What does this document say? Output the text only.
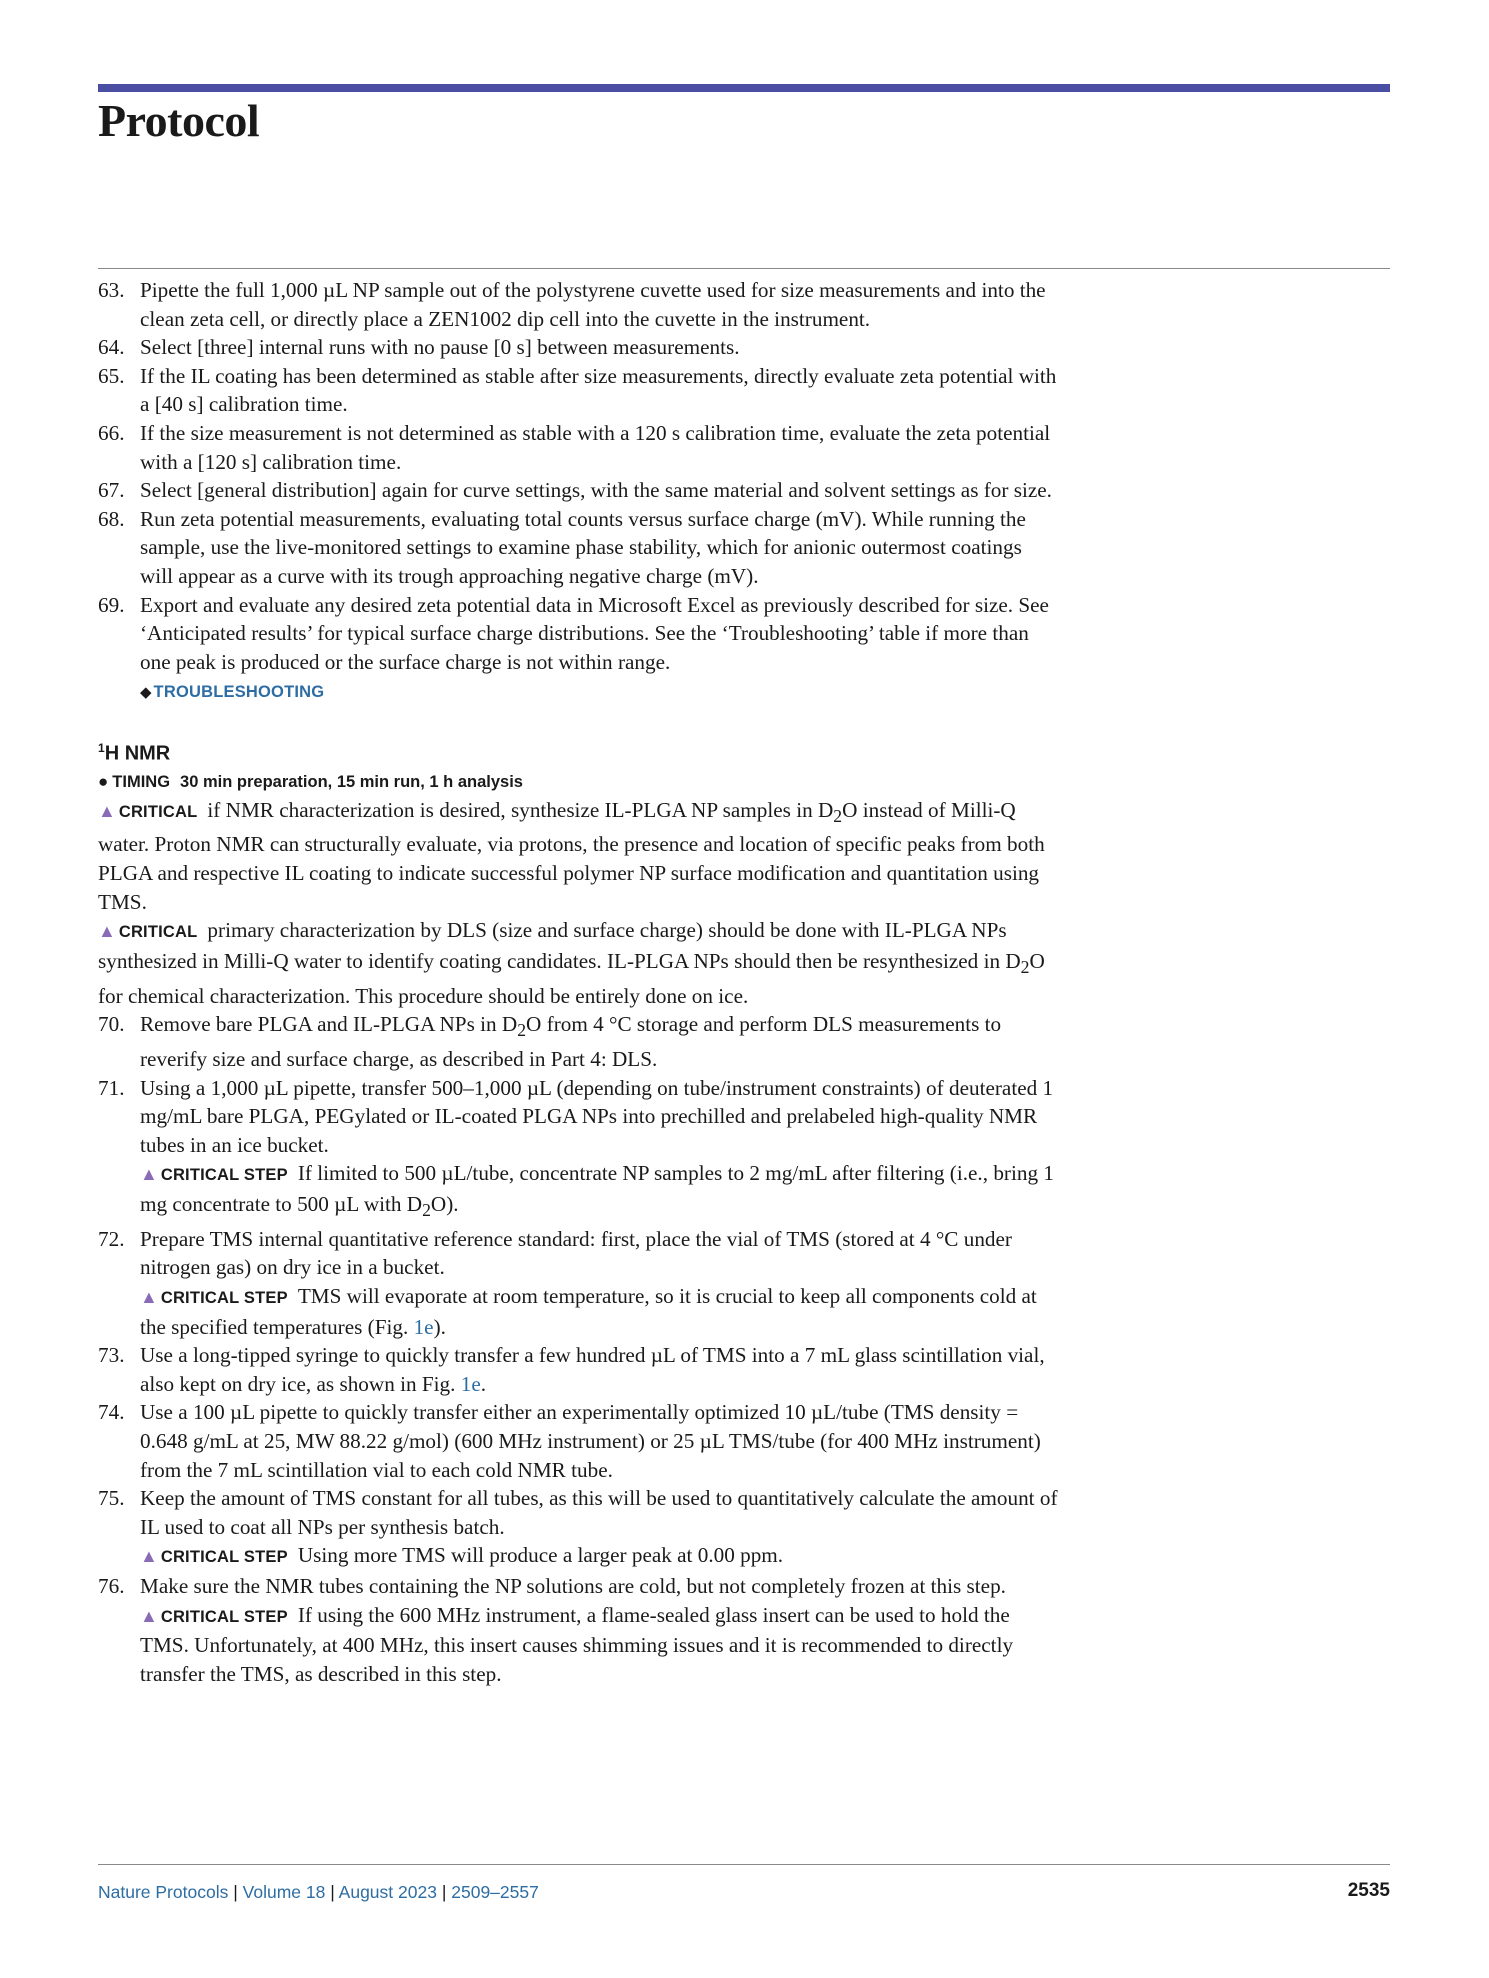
Protocol
63. Pipette the full 1,000 µL NP sample out of the polystyrene cuvette used for size measurements and into the clean zeta cell, or directly place a ZEN1002 dip cell into the cuvette in the instrument.
64. Select [three] internal runs with no pause [0 s] between measurements.
65. If the IL coating has been determined as stable after size measurements, directly evaluate zeta potential with a [40 s] calibration time.
66. If the size measurement is not determined as stable with a 120 s calibration time, evaluate the zeta potential with a [120 s] calibration time.
67. Select [general distribution] again for curve settings, with the same material and solvent settings as for size.
68. Run zeta potential measurements, evaluating total counts versus surface charge (mV). While running the sample, use the live-monitored settings to examine phase stability, which for anionic outermost coatings will appear as a curve with its trough approaching negative charge (mV).
69. Export and evaluate any desired zeta potential data in Microsoft Excel as previously described for size. See ‘Anticipated results’ for typical surface charge distributions. See the ‘Troubleshooting’ table if more than one peak is produced or the surface charge is not within range.
◆ TROUBLESHOOTING
$^1$H NMR
● TIMING 30 min preparation, 15 min run, 1 h analysis
▲ CRITICAL if NMR characterization is desired, synthesize IL-PLGA NP samples in $D_2O$ instead of Milli-Q water. Proton NMR can structurally evaluate, via protons, the presence and location of specific peaks from both PLGA and respective IL coating to indicate successful polymer NP surface modification and quantitation using TMS.
▲ CRITICAL primary characterization by DLS (size and surface charge) should be done with IL-PLGA NPs synthesized in Milli-Q water to identify coating candidates. IL-PLGA NPs should then be resynthesized in $D_2O$ for chemical characterization. This procedure should be entirely done on ice.
70. Remove bare PLGA and IL-PLGA NPs in $D_2O$ from 4 °C storage and perform DLS measurements to reverify size and surface charge, as described in Part 4: DLS.
71. Using a 1,000 µL pipette, transfer 500–1,000 µL (depending on tube/instrument constraints) of deuterated 1 mg/mL bare PLGA, PEGylated or IL-coated PLGA NPs into prechilled and prelabeled high-quality NMR tubes in an ice bucket.
▲ CRITICAL STEP If limited to 500 µL/tube, concentrate NP samples to 2 mg/mL after filtering (i.e., bring 1 mg concentrate to 500 µL with $D_2O$).
72. Prepare TMS internal quantitative reference standard: first, place the vial of TMS (stored at 4 °C under nitrogen gas) on dry ice in a bucket.
▲ CRITICAL STEP TMS will evaporate at room temperature, so it is crucial to keep all components cold at the specified temperatures (Fig. 1e).
73. Use a long-tipped syringe to quickly transfer a few hundred µL of TMS into a 7 mL glass scintillation vial, also kept on dry ice, as shown in Fig. 1e.
74. Use a 100 µL pipette to quickly transfer either an experimentally optimized 10 µL/tube (TMS density = 0.648 g/mL at 25, MW 88.22 g/mol) (600 MHz instrument) or 25 µL TMS/tube (for 400 MHz instrument) from the 7 mL scintillation vial to each cold NMR tube.
75. Keep the amount of TMS constant for all tubes, as this will be used to quantitatively calculate the amount of IL used to coat all NPs per synthesis batch.
▲ CRITICAL STEP Using more TMS will produce a larger peak at 0.00 ppm.
76. Make sure the NMR tubes containing the NP solutions are cold, but not completely frozen at this step.
▲ CRITICAL STEP If using the 600 MHz instrument, a flame-sealed glass insert can be used to hold the TMS. Unfortunately, at 400 MHz, this insert causes shimming issues and it is recommended to directly transfer the TMS, as described in this step.
Nature Protocols | Volume 18 | August 2023 | 2509–2557	2535
